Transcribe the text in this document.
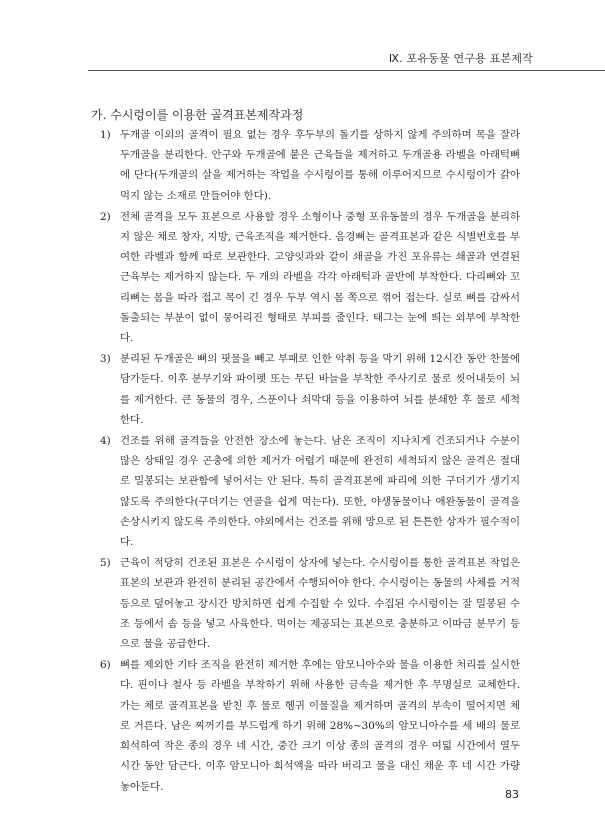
Ⅸ. 포유동물 연구용 표본제작
가. 수시렁이를 이용한 골격표본제작과정
1) 두개골 이외의 골격이 필요 없는 경우 후두부의 돌기를 상하지 않게 주의하며 목을 잘라 두개골을 분리한다. 안구와 두개골에 붙은 근육들을 제거하고 두개골용 라벨을 아래턱뼈에 단다(두개골의 살을 제거하는 작업을 수시렁이를 통해 이루어지므로 수시렁이가 갉아 먹지 않는 소재로 만들어야 한다).
2) 전체 골격을 모두 표본으로 사용할 경우 소형이나 중형 포유동물의 경우 두개골을 분리하지 않은 채로 창자, 지방, 근육조직을 제거한다. 음경뼈는 골격표본과 같은 식별번호를 부여한 라벨과 함께 따로 보관한다. 고양잇과와 같이 쇄골을 가진 포유류는 쇄골과 연결된 근육부는 제거하지 않는다. 두 개의 라벨을 각각 아래턱과 골반에 부착한다. 다리뼈와 꼬리뼈는 몸을 따라 접고 목이 긴 경우 두부 역시 몸 쪽으로 꺾어 접는다. 실로 뼈를 감싸서 돌출되는 부분이 없이 뭉어리진 형태로 부피를 줄인다. 태그는 눈에 띄는 외부에 부착한다.
3) 분리된 두개골은 뼈의 핏물을 빼고 부패로 인한 악취 등을 막기 위해 12시간 동안 찬물에 담가둔다. 이후 분무기와 파이펫 또는 무딘 바늘을 부착한 주사기로 물로 씻어내듯이 뇌를 제거한다. 큰 동물의 경우, 스푼이나 쇠막대 등을 이용하여 뇌를 분쇄한 후 물로 세척한다.
4) 건조를 위해 골격들을 안전한 장소에 놓는다. 남은 조직이 지나치게 건조되거나 수분이 많은 상태일 경우 곤충에 의한 제거가 어렵기 때문에 완전히 세척되지 않은 골격은 절대로 밀봉되는 보관함에 넣어서는 안 된다. 특히 골격표본에 파리에 의한 구더기가 생기지 않도록 주의한다(구더기는 연골을 쉽게 먹는다). 또한, 야생동물이나 애완동물이 골격을 손상시키지 않도록 주의한다. 야외에서는 건조를 위해 망으로 된 튼튼한 상자가 필수적이다.
5) 근육이 적당히 건조된 표본은 수시렁이 상자에 넣는다. 수시렁이를 통한 골격표본 작업은 표본의 보관과 완전히 분리된 공간에서 수행되어야 한다. 수시렁이는 동물의 사체를 거적 등으로 덮어놓고 장시간 방치하면 쉽게 수집할 수 있다. 수집된 수시렁이는 잘 밀봉된 수조 등에서 솜 등을 넣고 사육한다. 먹이는 제공되는 표본으로 충분하고 이따금 분무기 등으로 물을 공급한다.
6) 뼈를 제외한 기타 조직을 완전히 제거한 후에는 암모니아수와 물을 이용한 처리를 실시한다. 핀이나 철사 등 라벨을 부착하기 위해 사용한 금속을 제거한 후 무명실로 교체한다. 가는 체로 골격표본을 받친 후 물로 헹귀 이물질을 제거하며 골격의 부속이 떨어지면 체로 거른다. 남은 찌꺼기를 부드럽게 하기 위해 28%~30%의 암모니아수를 세 배의 물로 희석하여 작은 종의 경우 네 시간, 중간 크기 이상 종의 골격의 경우 여덟 시간에서 열두 시간 동안 담근다. 이후 암모니아 희석액을 따라 버리고 물을 대신 채운 후 네 시간 가량 놓아둔다.
83
